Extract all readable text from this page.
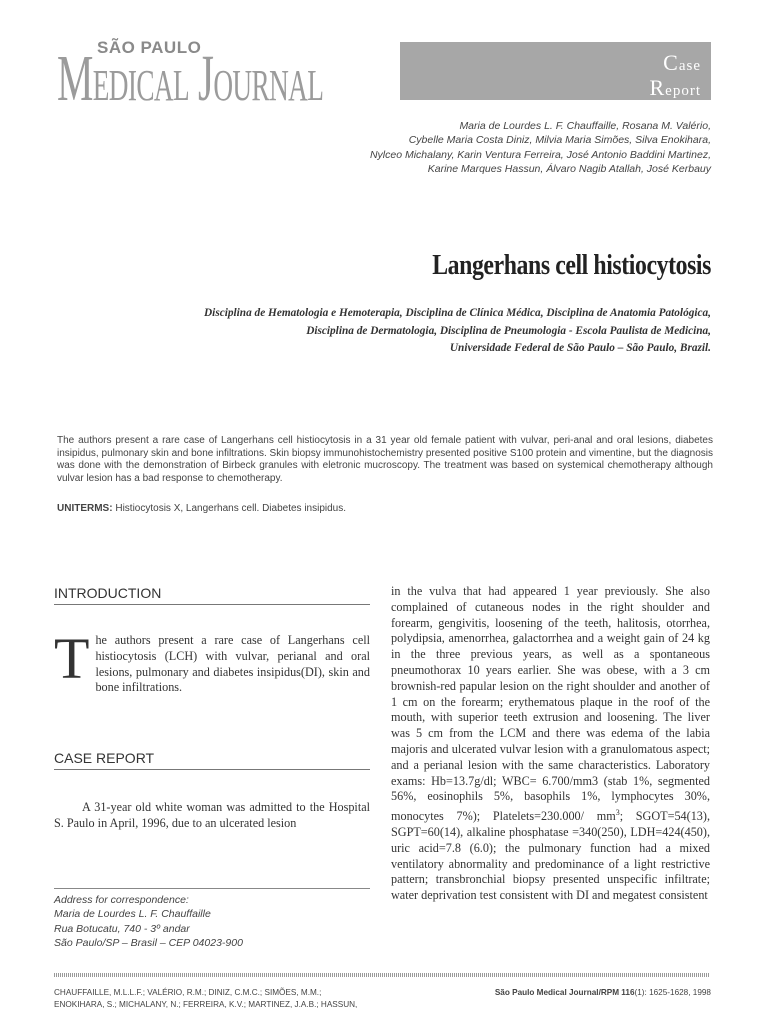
SÃO PAULO
MEDICAL JOURNAL	Case
Report
Maria de Lourdes L. F. Chauffaille, Rosana M. Valério,
Cybelle Maria Costa Diniz, Milvia Maria Simões, Silva Enokihara,
Nylceo Michalany, Karin Ventura Ferreira, José Antonio Baddini Martinez,
Karine Marques Hassun, Álvaro Nagib Atallah, José Kerbauy
Langerhans cell histiocytosis
Disciplina de Hematologia e Hemoterapia, Disciplina de Clínica Médica, Disciplina de Anatomia Patológica,
Disciplina de Dermatologia, Disciplina de Pneumologia - Escola Paulista de Medicina,
Universidade Federal de São Paulo – São Paulo, Brazil.
The authors present a rare case of Langerhans cell histiocytosis in a 31 year old female patient with vulvar, peri-anal and oral lesions, diabetes insipidus, pulmonary skin and bone infiltrations. Skin biopsy immunohistochemistry presented positive S100 protein and vimentine, but the diagnosis was done with the demonstration of Birbeck granules with eletronic mucroscopy. The treatment was based on systemical chemotherapy although vulvar lesion has a bad response to chemotherapy.
UNITERMS: Histiocytosis X, Langerhans cell. Diabetes insipidus.
INTRODUCTION
The authors present a rare case of Langerhans cell histiocytosis (LCH) with vulvar, perianal and oral lesions, pulmonary and diabetes insipidus(DI), skin and bone infiltrations.
CASE REPORT
A 31-year old white woman was admitted to the Hospital S. Paulo in April, 1996, due to an ulcerated lesion
Address for correspondence:
Maria de Lourdes L. F. Chauffaille
Rua Botucatu, 740 - 3º andar
São Paulo/SP – Brasil – CEP 04023-900
in the vulva that had appeared 1 year previously. She also complained of cutaneous nodes in the right shoulder and forearm, gengivitis, loosening of the teeth, halitosis, otorrhea, polydipsia, amenorrhea, galactorrhea and a weight gain of 24 kg in the three previous years, as well as a spontaneous pneumothorax 10 years earlier. She was obese, with a 3 cm brownish-red papular lesion on the right shoulder and another of 1 cm on the forearm; erythematous plaque in the roof of the mouth, with superior teeth extrusion and loosening. The liver was 5 cm from the LCM and there was edema of the labia majoris and ulcerated vulvar lesion with a granulomatous aspect; and a perianal lesion with the same characteristics. Laboratory exams: Hb=13.7g/dl; WBC= 6.700/mm3 (stab 1%, segmented 56%, eosinophils 5%, basophils 1%, lymphocytes 30%, monocytes 7%); Platelets=230.000/ $mm^3$; SGOT=54(13), SGPT=60(14), alkaline phosphatase =340(250), LDH=424(450), uric acid=7.8 (6.0); the pulmonary function had a mixed ventilatory abnormality and predominance of a light restrictive pattern; transbronchial biopsy presented unspecific infiltrate; water deprivation test consistent with DI and megatest consistent
CHAUFFAILLE, M.L.L.F.; VALÉRIO, R.M.; DINIZ, C.M.C.; SIMÕES, M.M.;
ENOKIHARA, S.; MICHALANY, N.; FERREIRA, K.V.; MARTINEZ, J.A.B.; HASSUN,
São Paulo Medical Journal/RPM 116(1): 1625-1628, 1998
